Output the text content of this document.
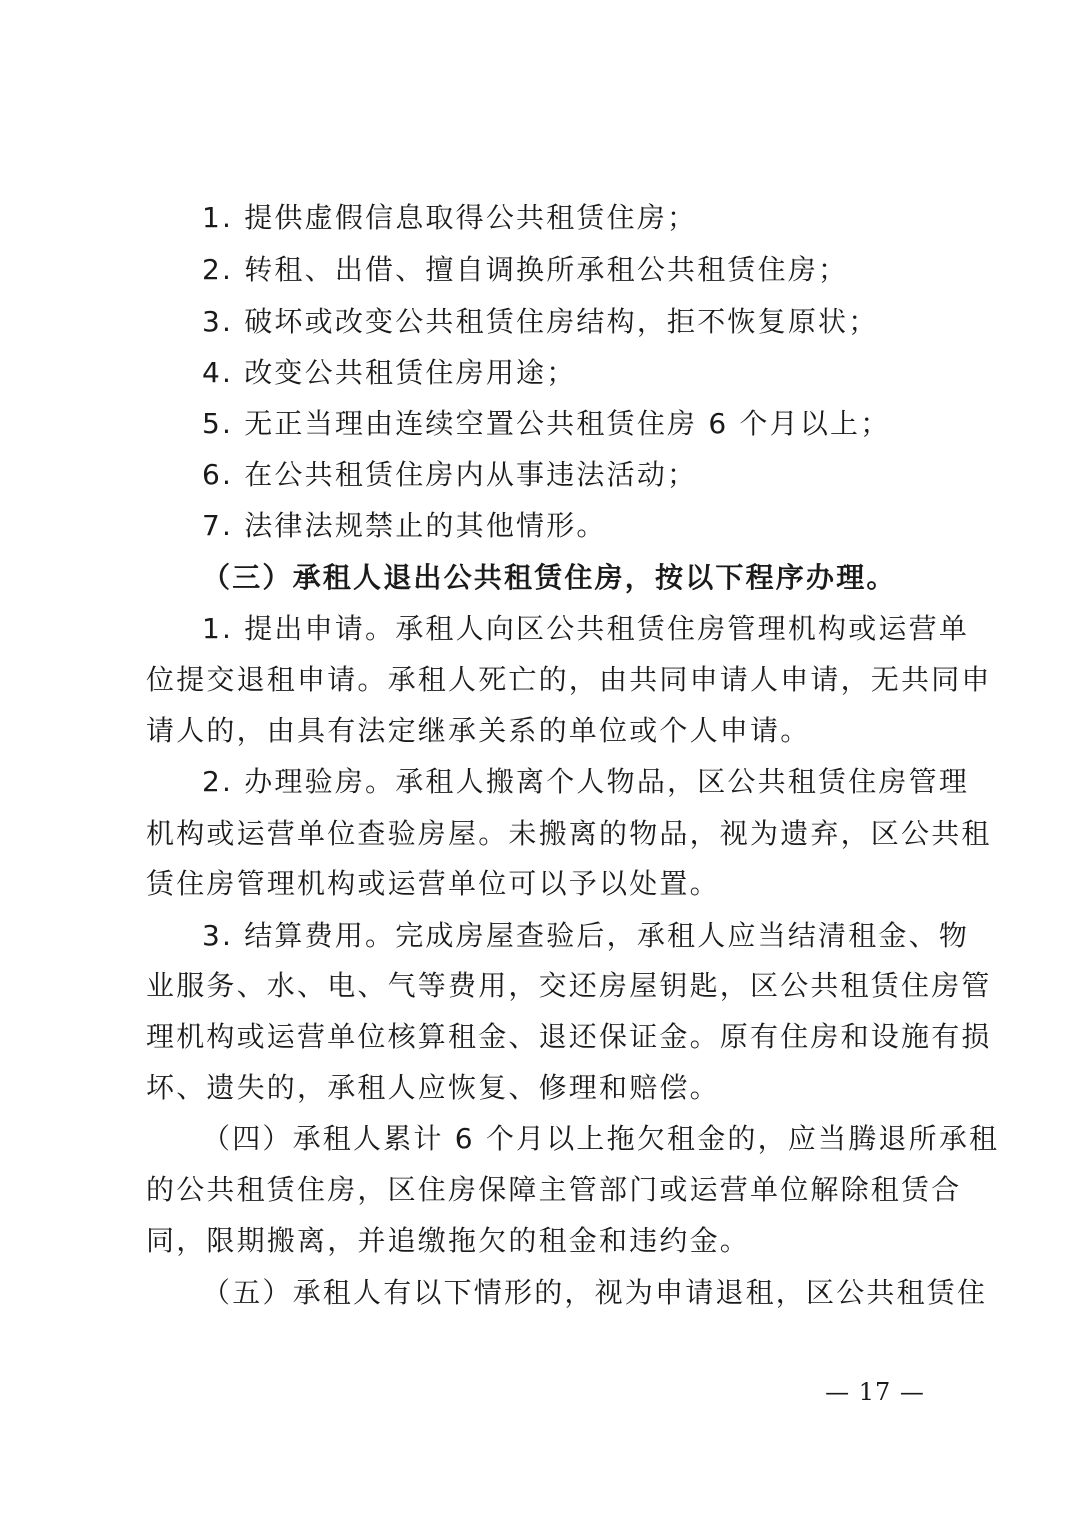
1. 提供虚假信息取得公共租赁住房；
2. 转租、出借、擅自调换所承租公共租赁住房；
3. 破坏或改变公共租赁住房结构，拒不恢复原状；
4. 改变公共租赁住房用途；
5. 无正当理由连续空置公共租赁住房 6 个月以上；
6. 在公共租赁住房内从事违法活动；
7. 法律法规禁止的其他情形。
（三）承租人退出公共租赁住房，按以下程序办理。
1. 提出申请。承租人向区公共租赁住房管理机构或运营单
位提交退租申请。承租人死亡的，由共同申请人申请，无共同申
请人的，由具有法定继承关系的单位或个人申请。
2. 办理验房。承租人搬离个人物品，区公共租赁住房管理
机构或运营单位查验房屋。未搬离的物品，视为遗弃，区公共租
赁住房管理机构或运营单位可以予以处置。
3. 结算费用。完成房屋查验后，承租人应当结清租金、物
业服务、水、电、气等费用，交还房屋钥匙，区公共租赁住房管
理机构或运营单位核算租金、退还保证金。原有住房和设施有损
坏、遗失的，承租人应恢复、修理和赔偿。
（四）承租人累计 6 个月以上拖欠租金的，应当腾退所承租
的公共租赁住房，区住房保障主管部门或运营单位解除租赁合
同，限期搬离，并追缴拖欠的租金和违约金。
（五）承租人有以下情形的，视为申请退租，区公共租赁住
— 17 —
